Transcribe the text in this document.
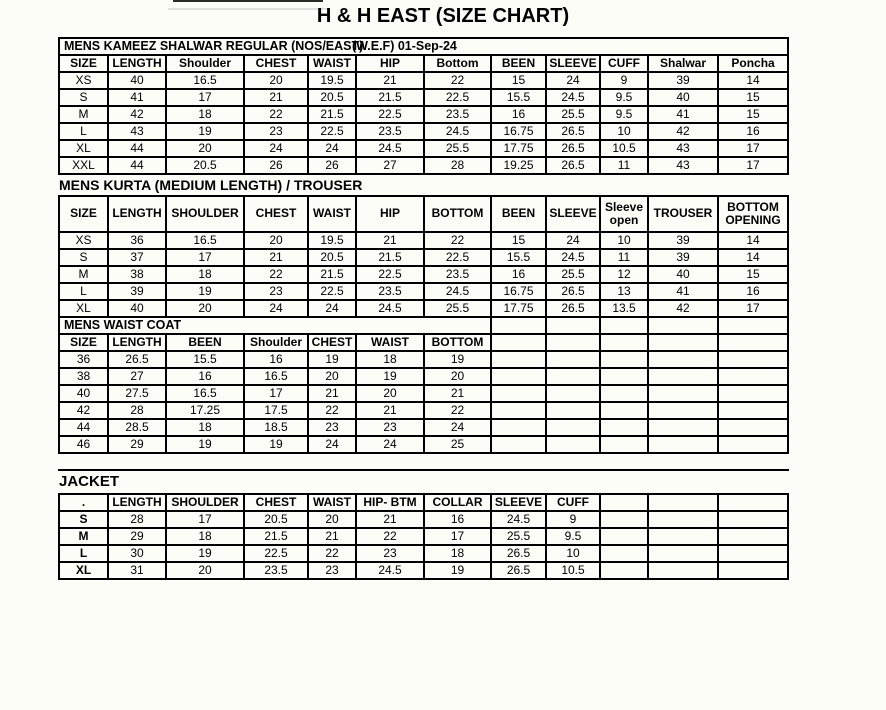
H & H EAST (SIZE CHART)
MENS KAMEEZ SHALWAR REGULAR (NOS/EAST)
(W.E.F) 01-Sep-24											

SIZE	LENGTH	Shoulder	CHEST	WAIST	HIP	Bottom	BEEN	SLEEVE	CUFF	Shalwar	Poncha
XS	40	16.5	20	19.5	21	22	15	24	9	39	14
S	41	17	21	20.5	21.5	22.5	15.5	24.5	9.5	40	15
M	42	18	22	21.5	22.5	23.5	16	25.5	9.5	41	15
L	43	19	23	22.5	23.5	24.5	16.75	26.5	10	42	16
XL	44	20	24	24	24.5	25.5	17.75	26.5	10.5	43	17
XXL	44	20.5	26	26	27	28	19.25	26.5	11	43	17
MENS KURTA (MEDIUM LENGTH) / TROUSER
SIZE	LENGTH	SHOULDER	CHEST	WAIST	HIP	BOTTOM	BEEN	SLEEVE	Sleeve open	TROUSER	BOTTOM OPENING
XS	36	16.5	20	19.5	21	22	15	24	10	39	14
S	37	17	21	20.5	21.5	22.5	15.5	24.5	11	39	14
M	38	18	22	21.5	22.5	23.5	16	25.5	12	40	15
L	39	19	23	22.5	23.5	24.5	16.75	26.5	13	41	16
XL	40	20	24	24	24.5	25.5	17.75	26.5	13.5	42	17
MENS WAIST COAT											
SIZE	LENGTH	BEEN	Shoulder	CHEST	WAIST	BOTTOM					
36	26.5	15.5	16	19	18	19					
38	27	16	16.5	20	19	20					
40	27.5	16.5	17	21	20	21					
42	28	17.25	17.5	22	21	22					
44	28.5	18	18.5	23	23	24					
46	29	19	19	24	24	25					
JACKET
.	LENGTH	SHOULDER	CHEST	WAIST	HIP- BTM	COLLAR	SLEEVE	CUFF			
S	28	17	20.5	20	21	16	24.5	9			
M	29	18	21.5	21	22	17	25.5	9.5			
L	30	19	22.5	22	23	18	26.5	10			
XL	31	20	23.5	23	24.5	19	26.5	10.5			
